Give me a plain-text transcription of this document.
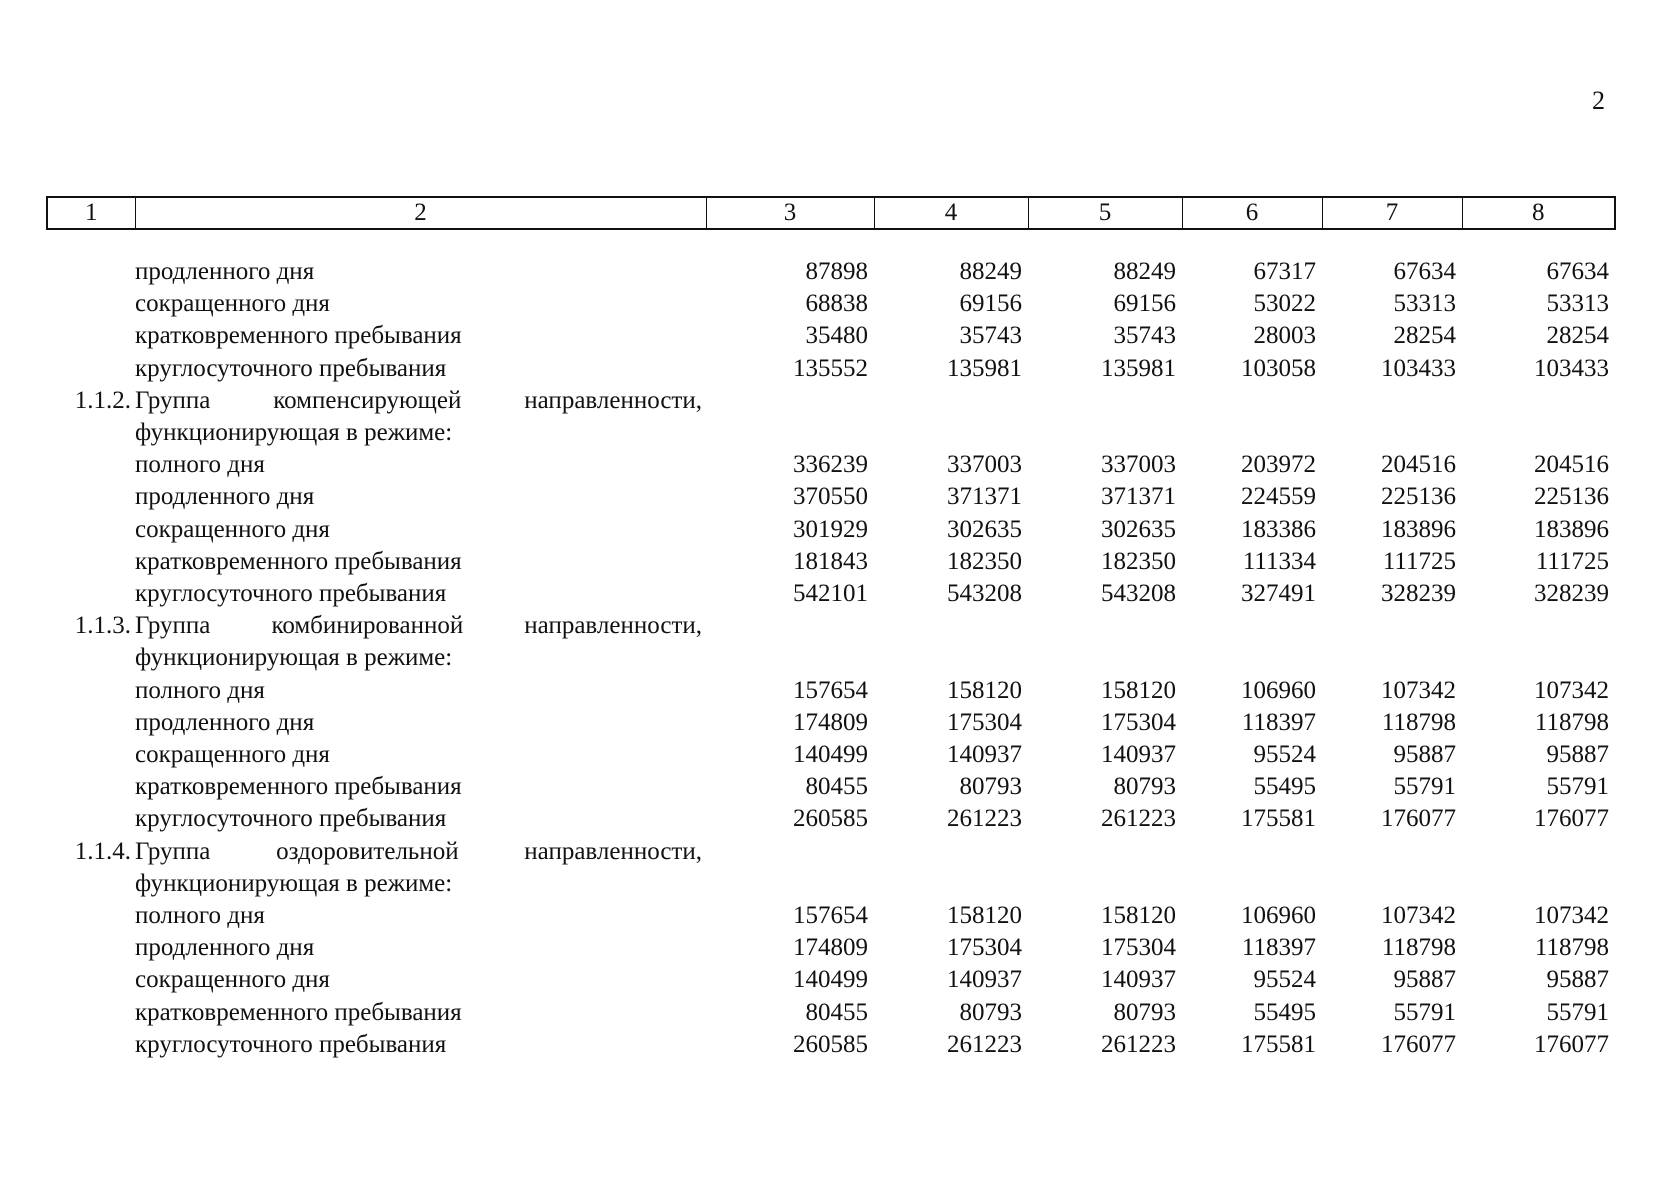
2
1	2	3	4	5	6	7	8

	продленного дня	87898	88249	88249	67317	67634	67634
	сокращенного дня	68838	69156	69156	53022	53313	53313
	кратковременного пребывания	35480	35743	35743	28003	28254	28254
	круглосуточного пребывания	135552	135981	135981	103058	103433	103433
1.1.2.	Группа компенсирующей направленности,						
	функционирующая в режиме:						
	полного дня	336239	337003	337003	203972	204516	204516
	продленного дня	370550	371371	371371	224559	225136	225136
	сокращенного дня	301929	302635	302635	183386	183896	183896
	кратковременного пребывания	181843	182350	182350	111334	111725	111725
	круглосуточного пребывания	542101	543208	543208	327491	328239	328239
1.1.3.	Группа комбинированной направленности,						
	функционирующая в режиме:						
	полного дня	157654	158120	158120	106960	107342	107342
	продленного дня	174809	175304	175304	118397	118798	118798
	сокращенного дня	140499	140937	140937	95524	95887	95887
	кратковременного пребывания	80455	80793	80793	55495	55791	55791
	круглосуточного пребывания	260585	261223	261223	175581	176077	176077
1.1.4.	Группа оздоровительной направленности,						
	функционирующая в режиме:						
	полного дня	157654	158120	158120	106960	107342	107342
	продленного дня	174809	175304	175304	118397	118798	118798
	сокращенного дня	140499	140937	140937	95524	95887	95887
	кратковременного пребывания	80455	80793	80793	55495	55791	55791
	круглосуточного пребывания	260585	261223	261223	175581	176077	176077
